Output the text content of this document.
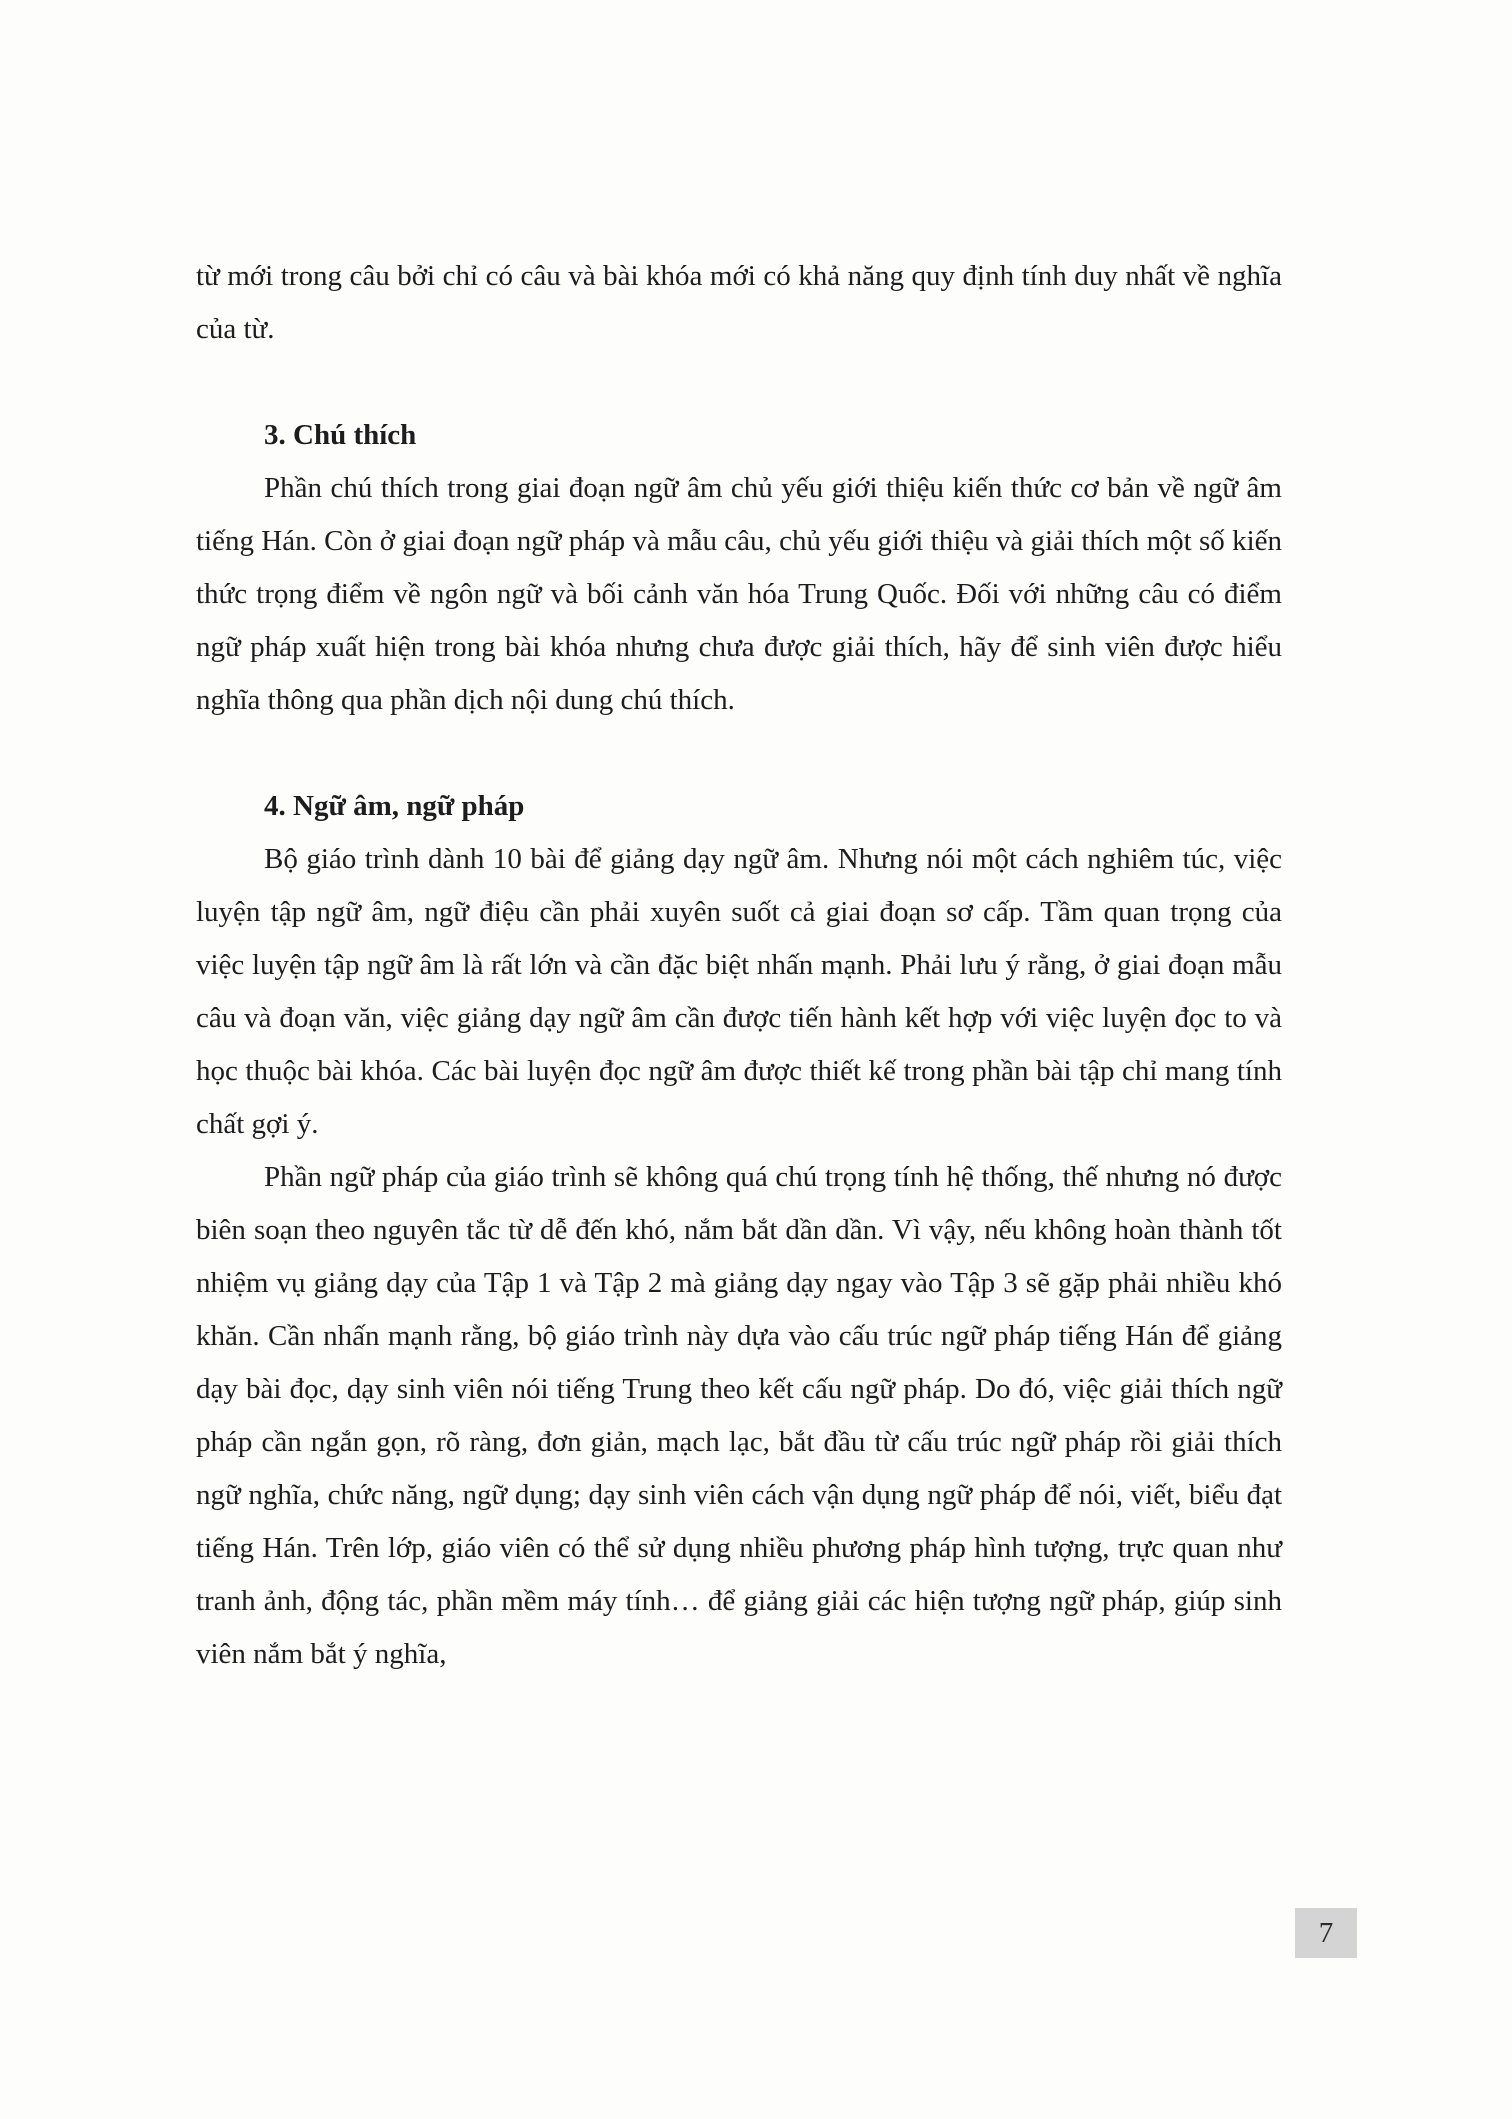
từ mới trong câu bởi chỉ có câu và bài khóa mới có khả năng quy định tính duy nhất về nghĩa của từ.

3. Chú thích

Phần chú thích trong giai đoạn ngữ âm chủ yếu giới thiệu kiến thức cơ bản về ngữ âm tiếng Hán. Còn ở giai đoạn ngữ pháp và mẫu câu, chủ yếu giới thiệu và giải thích một số kiến thức trọng điểm về ngôn ngữ và bối cảnh văn hóa Trung Quốc. Đối với những câu có điểm ngữ pháp xuất hiện trong bài khóa nhưng chưa được giải thích, hãy để sinh viên được hiểu nghĩa thông qua phần dịch nội dung chú thích.

4. Ngữ âm, ngữ pháp

Bộ giáo trình dành 10 bài để giảng dạy ngữ âm. Nhưng nói một cách nghiêm túc, việc luyện tập ngữ âm, ngữ điệu cần phải xuyên suốt cả giai đoạn sơ cấp. Tầm quan trọng của việc luyện tập ngữ âm là rất lớn và cần đặc biệt nhấn mạnh. Phải lưu ý rằng, ở giai đoạn mẫu câu và đoạn văn, việc giảng dạy ngữ âm cần được tiến hành kết hợp với việc luyện đọc to và học thuộc bài khóa. Các bài luyện đọc ngữ âm được thiết kế trong phần bài tập chỉ mang tính chất gợi ý.

Phần ngữ pháp của giáo trình sẽ không quá chú trọng tính hệ thống, thế nhưng nó được biên soạn theo nguyên tắc từ dễ đến khó, nắm bắt dần dần. Vì vậy, nếu không hoàn thành tốt nhiệm vụ giảng dạy của Tập 1 và Tập 2 mà giảng dạy ngay vào Tập 3 sẽ gặp phải nhiều khó khăn. Cần nhấn mạnh rằng, bộ giáo trình này dựa vào cấu trúc ngữ pháp tiếng Hán để giảng dạy bài đọc, dạy sinh viên nói tiếng Trung theo kết cấu ngữ pháp. Do đó, việc giải thích ngữ pháp cần ngắn gọn, rõ ràng, đơn giản, mạch lạc, bắt đầu từ cấu trúc ngữ pháp rồi giải thích ngữ nghĩa, chức năng, ngữ dụng; dạy sinh viên cách vận dụng ngữ pháp để nói, viết, biểu đạt tiếng Hán. Trên lớp, giáo viên có thể sử dụng nhiều phương pháp hình tượng, trực quan như tranh ảnh, động tác, phần mềm máy tính… để giảng giải các hiện tượng ngữ pháp, giúp sinh viên nắm bắt ý nghĩa,

7
